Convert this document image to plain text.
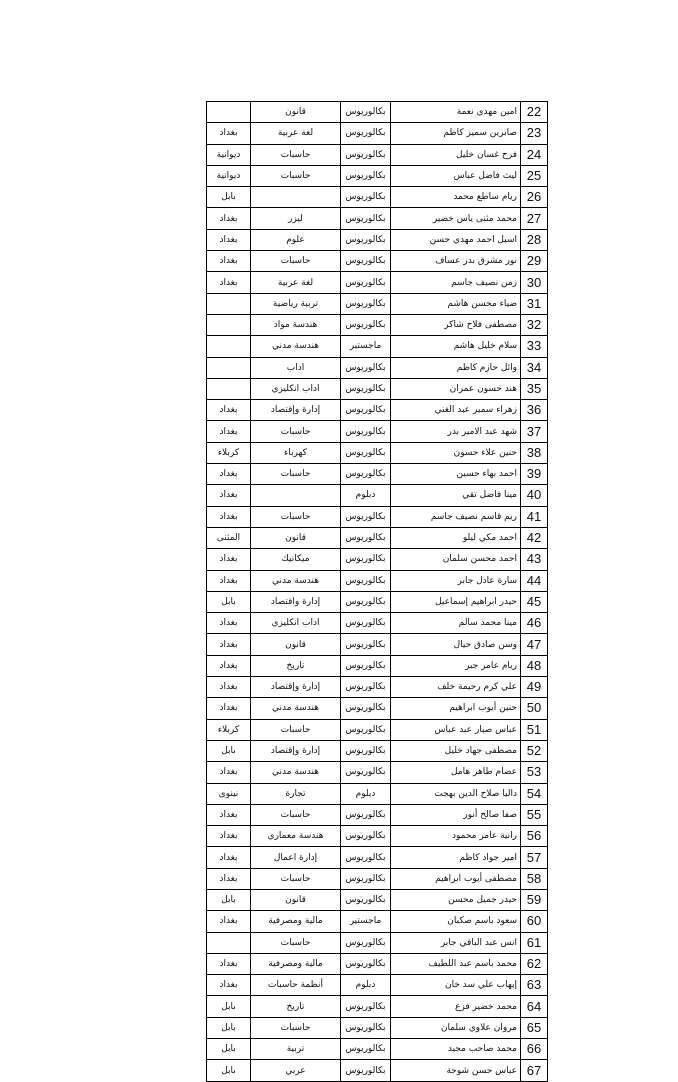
	قانون	بكالوريوس	امين مهدي نعمة	22
بغداد	لغة عربية	بكالوريوس	صابرين سمير كاظم	23
ديوانية	حاسبات	بكالوريوس	فرح غسان خليل	24
ديوانية	حاسبات	بكالوريوس	ليث فاضل عباس	25
بابل		بكالوريوس	ريام ساطع محمد	26
بغداد	ليزر	بكالوريوس	محمد مثنى ياس خضير	27
بغداد	علوم	بكالوريوس	اسيل احمد مهدي حسن	28
بغداد	حاسبات	بكالوريوس	نور مشرق بدر عساف	29
بغداد	لغة عربية	بكالوريوس	زمن نصيف جاسم	30
	تربية رياضية	بكالوريوس	ضياء محسن هاشم	31
	هندسة مواد	بكالوريوس	مصطفى فلاح شاكر	32
	هندسة مدني	ماجستير	سلام خليل هاشم	33
	اداب	بكالوريوس	وائل حازم كاظم	34
	اداب انكليزي	بكالوريوس	هند حسون عمران	35
بغداد	إدارة وإقتصاد	بكالوريوس	زهراء سمير عبد الغني	36
بغداد	حاسبات	بكالوريوس	شهد عبد الامير بدر	37
كربلاء	كهرباء	بكالوريوس	حنين علاء حسون	38
بغداد	حاسبات	بكالوريوس	احمد بهاء حسين	39
بغداد		دبلوم	مينا فاضل تقي	40
بغداد	حاسبات	بكالوريوس	ريم قاسم نصيف جاسم	41
المثنى	قانون	بكالوريوس	احمد مكي ليلو	42
بغداد	ميكانيك	بكالوريوس	احمد محسن سلمان	43
بغداد	هندسة مدني	بكالوريوس	سارة عادل جابر	44
بابل	إدارة واقتصاد	بكالوريوس	حيدر ابراهيم إسماعيل	45
بغداد	اداب انكليزي	بكالوريوس	مينا محمد سالم	46
بغداد	قانون	بكالوريوس	وسن صادق حيال	47
بغداد	تاريخ	بكالوريوس	ريام عامر جبر	48
بغداد	إدارة وإقتصاد	بكالوريوس	علي كرم رحيمة خلف	49
بغداد	هندسة مدني	بكالوريوس	حنين أيوب ابراهيم	50
كربلاء	حاسبات	بكالوريوس	عباس صبار عبد عباس	51
بابل	إدارة وإقتصاد	بكالوريوس	مصطفى جهاد خليل	52
بغداد	هندسة مدني	بكالوريوس	عصام طاهر هامل	53
نينوى	تجارة	دبلوم	داليا صلاح الدين بهجت	54
بغداد	حاسبات	بكالوريوس	صفا صالح أنور	55
بغداد	هندسة معماري	بكالوريوس	رانية عامر محمود	56
بغداد	إدارة اعمال	بكالوريوس	امير جواد كاظم	57
بغداد	حاسبات	بكالوريوس	مصطفى أيوب ابراهيم	58
بابل	قانون	بكالوريوس	حيدر جميل محسن	59
بغداد	مالية ومصرفية	ماجستير	سعود باسم صكبان	60
	حاسبات	بكالوريوس	انس عبد الباقي جابر	61
بغداد	مالية ومصرفية	بكالوريوس	محمد باسم عبد اللطيف	62
بغداد	أنظمة حاسبات	دبلوم	إيهاب علي سد خان	63
بابل	تاريخ	بكالوريوس	محمد خضير فزع	64
بابل	حاسبات	بكالوريوس	مروان علاوي سلمان	65
بابل	تربية	بكالوريوس	محمد صاحب مجيد	66
بابل	عربي	بكالوريوس	عباس حسن شوجة	67
